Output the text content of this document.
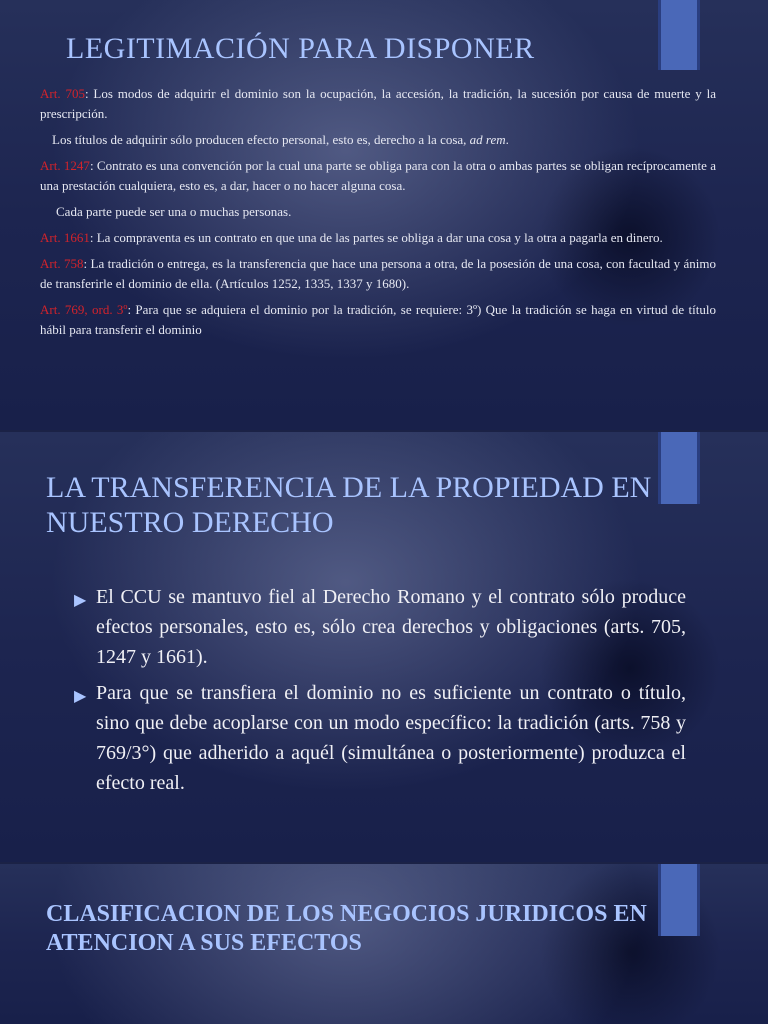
LEGITIMACIÓN PARA DISPONER

Art. 705: Los modos de adquirir el dominio son la ocupación, la accesión, la tradición, la sucesión por causa de muerte y la prescripción.

Los títulos de adquirir sólo producen efecto personal, esto es, derecho a la cosa, ad rem.

Art. 1247: Contrato es una convención por la cual una parte se obliga para con la otra o ambas partes se obligan recíprocamente a una prestación cualquiera, esto es, a dar, hacer o no hacer alguna cosa.

Cada parte puede ser una o muchas personas.

Art. 1661: La compraventa es un contrato en que una de las partes se obliga a dar una cosa y la otra a pagarla en dinero.

Art. 758: La tradición o entrega, es la transferencia que hace una persona a otra, de la posesión de una cosa, con facultad y ánimo de transferirle el dominio de ella. (Artículos 1252, 1335, 1337 y 1680).

Art. 769, ord. 3º: Para que se adquiera el dominio por la tradición, se requiere: 3º) Que la tradición se haga en virtud de título hábil para transferir el dominio

LA TRANSFERENCIA DE LA PROPIEDAD EN NUESTRO DERECHO
▶ El CCU se mantuvo fiel al Derecho Romano y el contrato sólo produce efectos personales, esto es, sólo crea derechos y obligaciones (arts. 705, 1247 y 1661).
▶ Para que se transfiera el dominio no es suficiente un contrato o título, sino que debe acoplarse con un modo específico: la tradición (arts. 758 y 769/3°) que adherido a aquél (simultánea o posteriormente) produzca el efecto real.
CLASIFICACION DE LOS NEGOCIOS JURIDICOS EN ATENCION A SUS EFECTOS
